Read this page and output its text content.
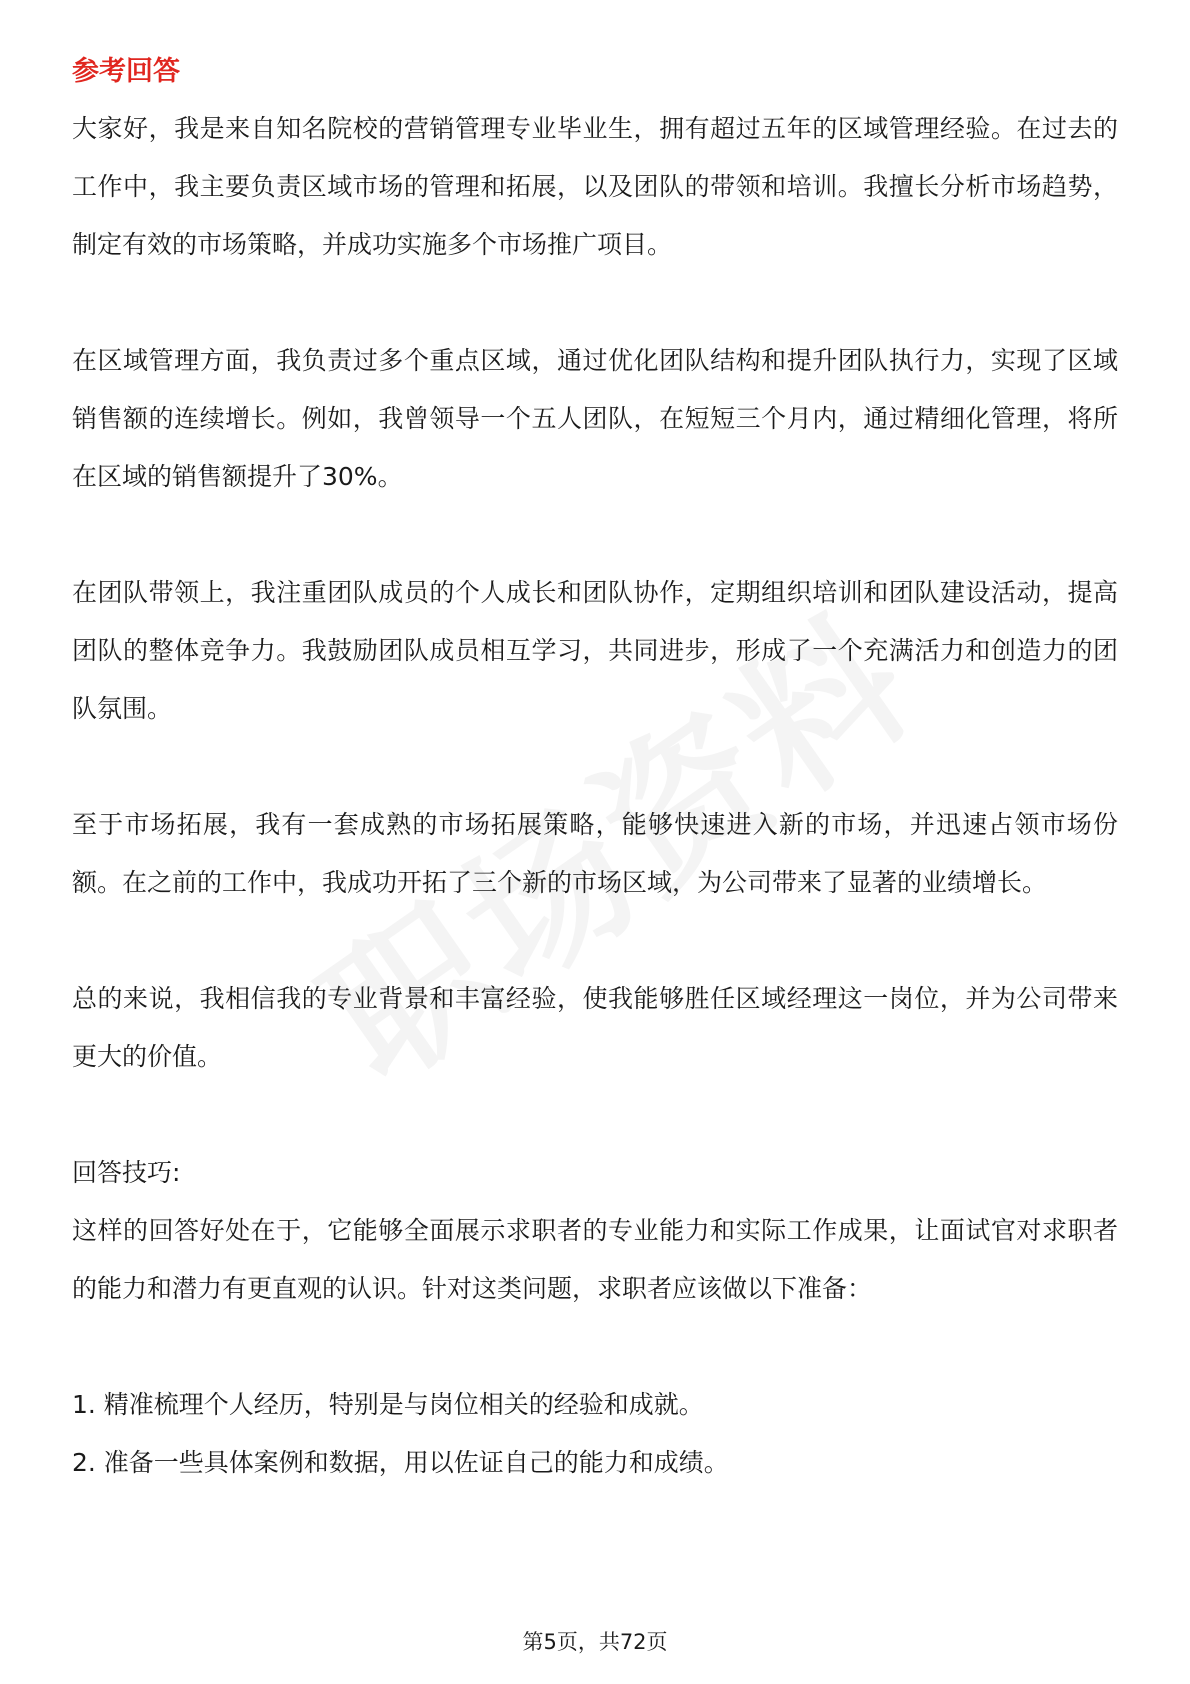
参考回答

大家好，我是来自知名院校的营销管理专业毕业生，拥有超过五年的区域管理经验。在过去的工作中，我主要负责区域市场的管理和拓展，以及团队的带领和培训。我擅长分析市场趋势，制定有效的市场策略，并成功实施多个市场推广项目。

在区域管理方面，我负责过多个重点区域，通过优化团队结构和提升团队执行力，实现了区域销售额的连续增长。例如，我曾领导一个五人团队，在短短三个月内，通过精细化管理，将所在区域的销售额提升了30%。

在团队带领上，我注重团队成员的个人成长和团队协作，定期组织培训和团队建设活动，提高团队的整体竞争力。我鼓励团队成员相互学习，共同进步，形成了一个充满活力和创造力的团队氛围。

至于市场拓展，我有一套成熟的市场拓展策略，能够快速进入新的市场，并迅速占领市场份额。在之前的工作中，我成功开拓了三个新的市场区域，为公司带来了显著的业绩增长。

总的来说，我相信我的专业背景和丰富经验，使我能够胜任区域经理这一岗位，并为公司带来更大的价值。

回答技巧:

这样的回答好处在于，它能够全面展示求职者的专业能力和实际工作成果，让面试官对求职者的能力和潜力有更直观的认识。针对这类问题，求职者应该做以下准备：

1. 精准梳理个人经历，特别是与岗位相关的经验和成就。

2. 准备一些具体案例和数据，用以佐证自己的能力和成绩。

第5页，共72页
